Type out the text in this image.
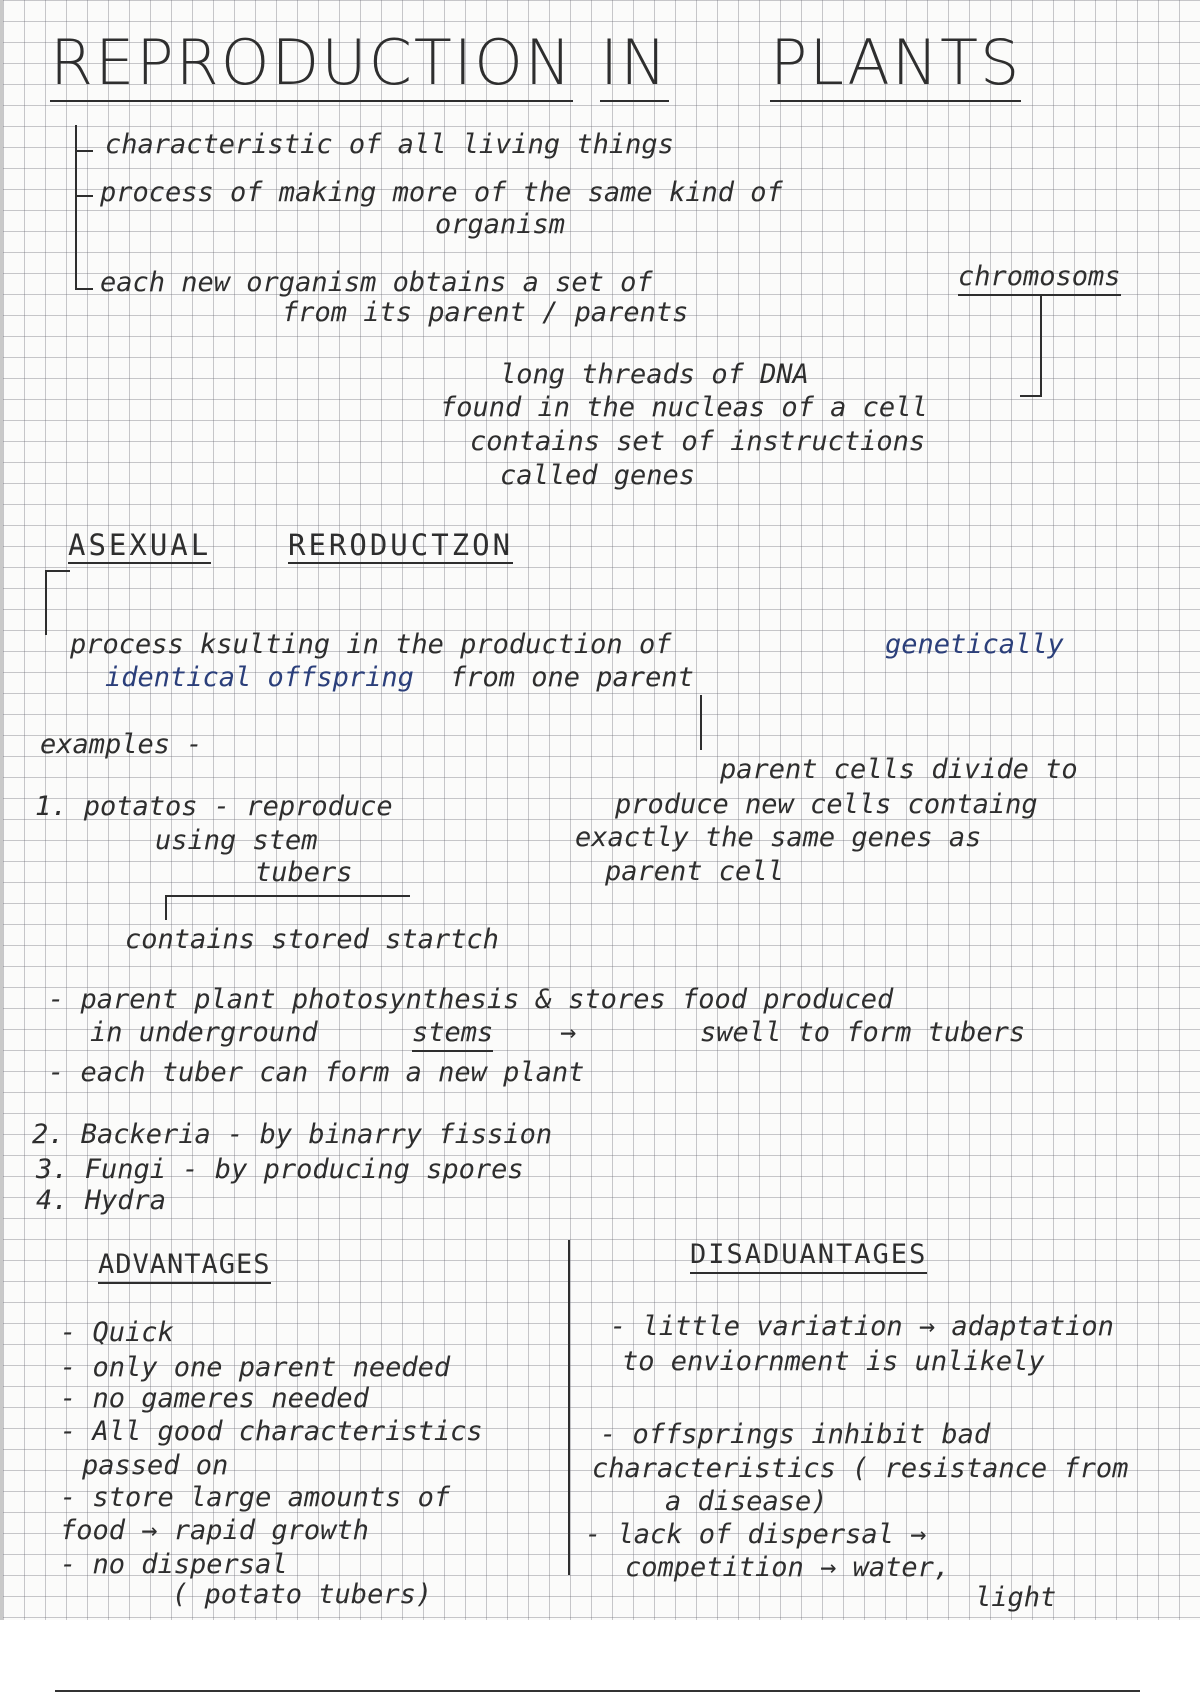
REPRODUCTION IN PLANTS
characteristic of all living things
process of making more of the same kind of
organism
each new organism obtains a set of	chromosoms
from its parent / parents
long threads of DNA
found in the nucleas of a cell
contains set of instructions
called genes
ASEXUAL	RERODUCTZON
process ksulting in the production of	genetically
identical offspring from one parent
examples -
parent cells divide to
produce new cells containg
exactly the same genes as
parent cell
1. potatos - reproduce
using stem
tubers
contains stored startch
- parent plant photosynthesis & stores food produced
in underground	stems →	swell to form tubers
- each tuber can form a new plant
2. Backeria - by binarry fission
3. Fungi - by producing spores
4. Hydra
ADVANTAGES
- Quick
- only one parent needed
- no gameres needed
- All good characteristics
passed on
- store large amounts of
food → rapid growth
- no dispersal
( potato tubers)
DISADUANTAGES
- little variation → adaptation
to enviornment is unlikely
- offsprings inhibit bad
characteristics ( resistance from
a disease)
- lack of dispersal →
competition → water,
light
